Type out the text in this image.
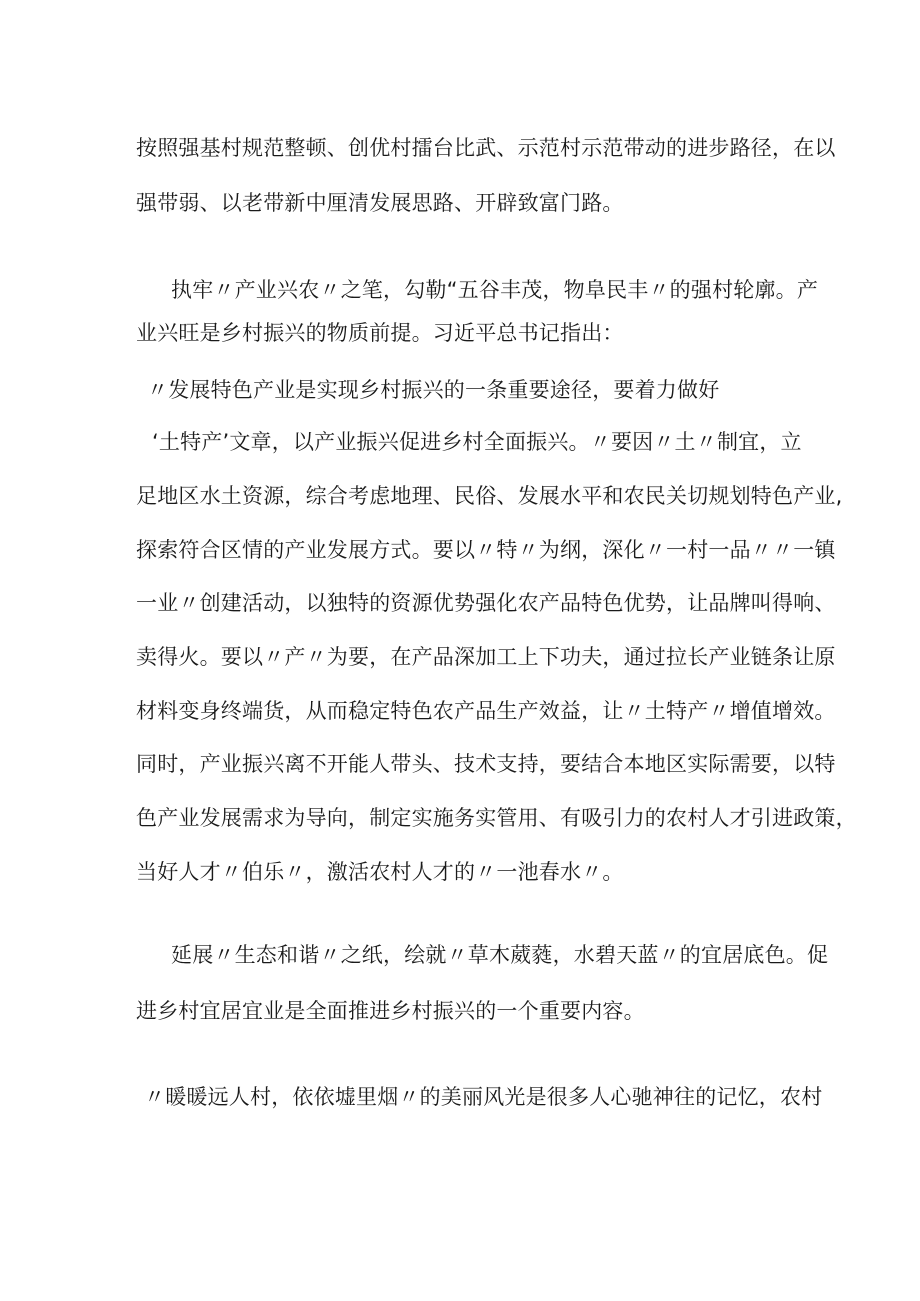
按照强基村规范整顿、创优村擂台比武、示范村示范带动的进步路径，在以
强带弱、以老带新中厘清发展思路、开辟致富门路。
执牢〃产业兴农〃之笔，勾勒“五谷丰茂，物阜民丰〃的强村轮廓。产
业兴旺是乡村振兴的物质前提。习近平总书记指出：
〃发展特色产业是实现乡村振兴的一条重要途径，要着力做好
‘土特产’文章，以产业振兴促进乡村全面振兴。〃要因〃土〃制宜，立
足地区水土资源，综合考虑地理、民俗、发展水平和农民关切规划特色产业,
探索符合区情的产业发展方式。要以〃特〃为纲，深化〃一村一品〃〃一镇
一业〃创建活动，以独特的资源优势强化农产品特色优势，让品牌叫得响、
卖得火。要以〃产〃为要，在产品深加工上下功夫，通过拉长产业链条让原
材料变身终端货，从而稳定特色农产品生产效益，让〃土特产〃增值增效。
同时，产业振兴离不开能人带头、技术支持，要结合本地区实际需要，以特
色产业发展需求为导向，制定实施务实管用、有吸引力的农村人才引进政策，
当好人才〃伯乐〃，激活农村人才的〃一池春水〃。
延展〃生态和谐〃之纸，绘就〃草木葳蕤，水碧天蓝〃的宜居底色。促
进乡村宜居宜业是全面推进乡村振兴的一个重要内容。
〃暖暖远人村，依依墟里烟〃的美丽风光是很多人心驰神往的记忆，农村
